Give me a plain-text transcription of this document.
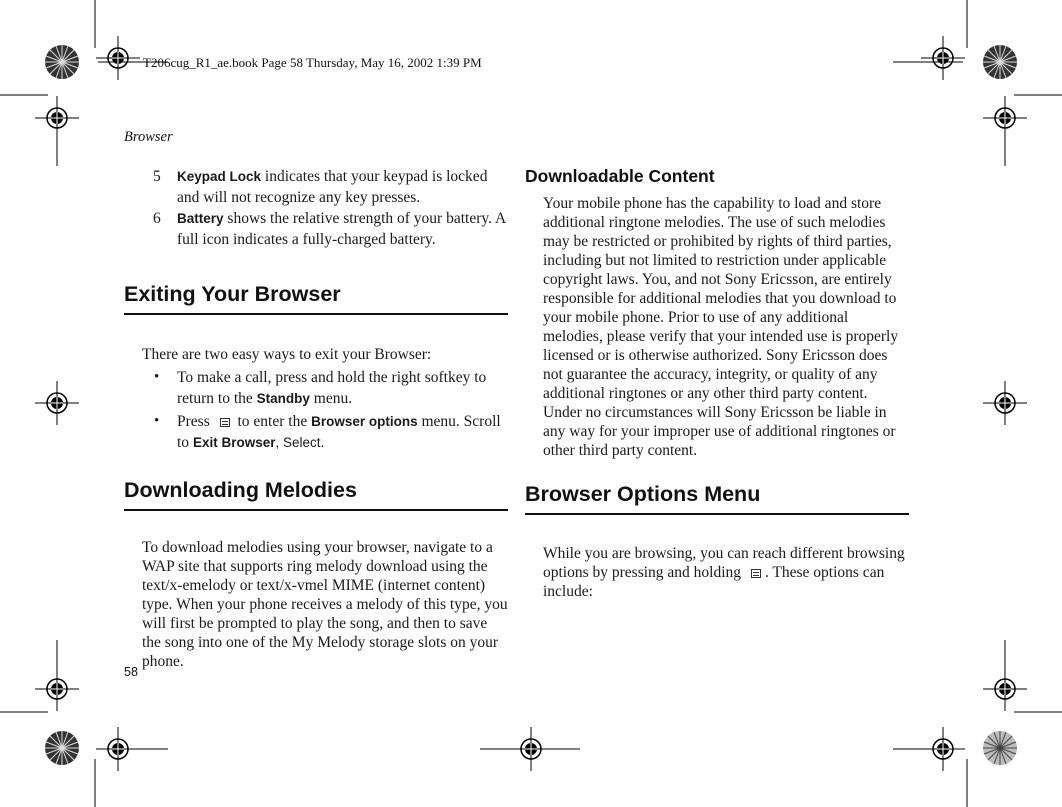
T206cug_R1_ae.book Page 58 Thursday, May 16, 2002 1:39 PM
Browser
5 Keypad Lock indicates that your keypad is locked and will not recognize any key presses.
6 Battery shows the relative strength of your battery. A full icon indicates a fully-charged battery.
Exiting Your Browser

There are two easy ways to exit your Browser:

• To make a call, press and hold the right softkey to return to the Standby menu.
• Press  to enter the Browser options menu. Scroll to Exit Browser, Select.
Downloading Melodies

To download melodies using your browser, navigate to a WAP site that supports ring melody download using the text/x-emelody or text/x-vmel MIME (internet content) type. When your phone receives a melody of this type, you will first be prompted to play the song, and then to save the song into one of the My Melody storage slots on your phone.

Downloadable Content

Your mobile phone has the capability to load and store additional ringtone melodies. The use of such melodies may be restricted or prohibited by rights of third parties, including but not limited to restriction under applicable copyright laws. You, and not Sony Ericsson, are entirely responsible for additional melodies that you download to your mobile phone. Prior to use of any additional melodies, please verify that your intended use is properly licensed or is otherwise authorized. Sony Ericsson does not guarantee the accuracy, integrity, or quality of any additional ringtones or any other third party content. Under no circumstances will Sony Ericsson be liable in any way for your improper use of additional ringtones or other third party content.

Browser Options Menu

While you are browsing, you can reach different browsing options by pressing and holding . These options can include:

58
